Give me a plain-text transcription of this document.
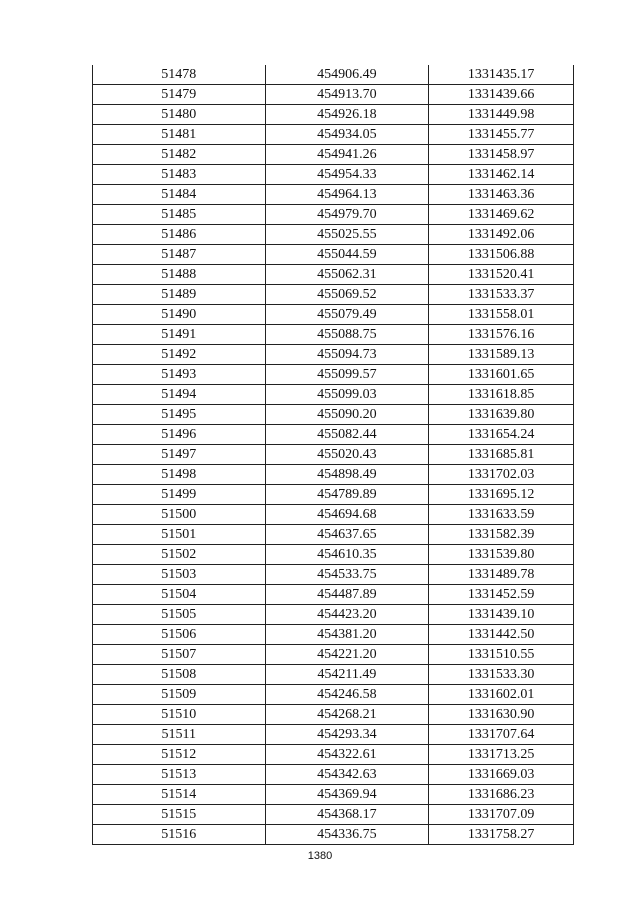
51478	454906.49	1331435.17
51479	454913.70	1331439.66
51480	454926.18	1331449.98
51481	454934.05	1331455.77
51482	454941.26	1331458.97
51483	454954.33	1331462.14
51484	454964.13	1331463.36
51485	454979.70	1331469.62
51486	455025.55	1331492.06
51487	455044.59	1331506.88
51488	455062.31	1331520.41
51489	455069.52	1331533.37
51490	455079.49	1331558.01
51491	455088.75	1331576.16
51492	455094.73	1331589.13
51493	455099.57	1331601.65
51494	455099.03	1331618.85
51495	455090.20	1331639.80
51496	455082.44	1331654.24
51497	455020.43	1331685.81
51498	454898.49	1331702.03
51499	454789.89	1331695.12
51500	454694.68	1331633.59
51501	454637.65	1331582.39
51502	454610.35	1331539.80
51503	454533.75	1331489.78
51504	454487.89	1331452.59
51505	454423.20	1331439.10
51506	454381.20	1331442.50
51507	454221.20	1331510.55
51508	454211.49	1331533.30
51509	454246.58	1331602.01
51510	454268.21	1331630.90
51511	454293.34	1331707.64
51512	454322.61	1331713.25
51513	454342.63	1331669.03
51514	454369.94	1331686.23
51515	454368.17	1331707.09
51516	454336.75	1331758.27
1380
